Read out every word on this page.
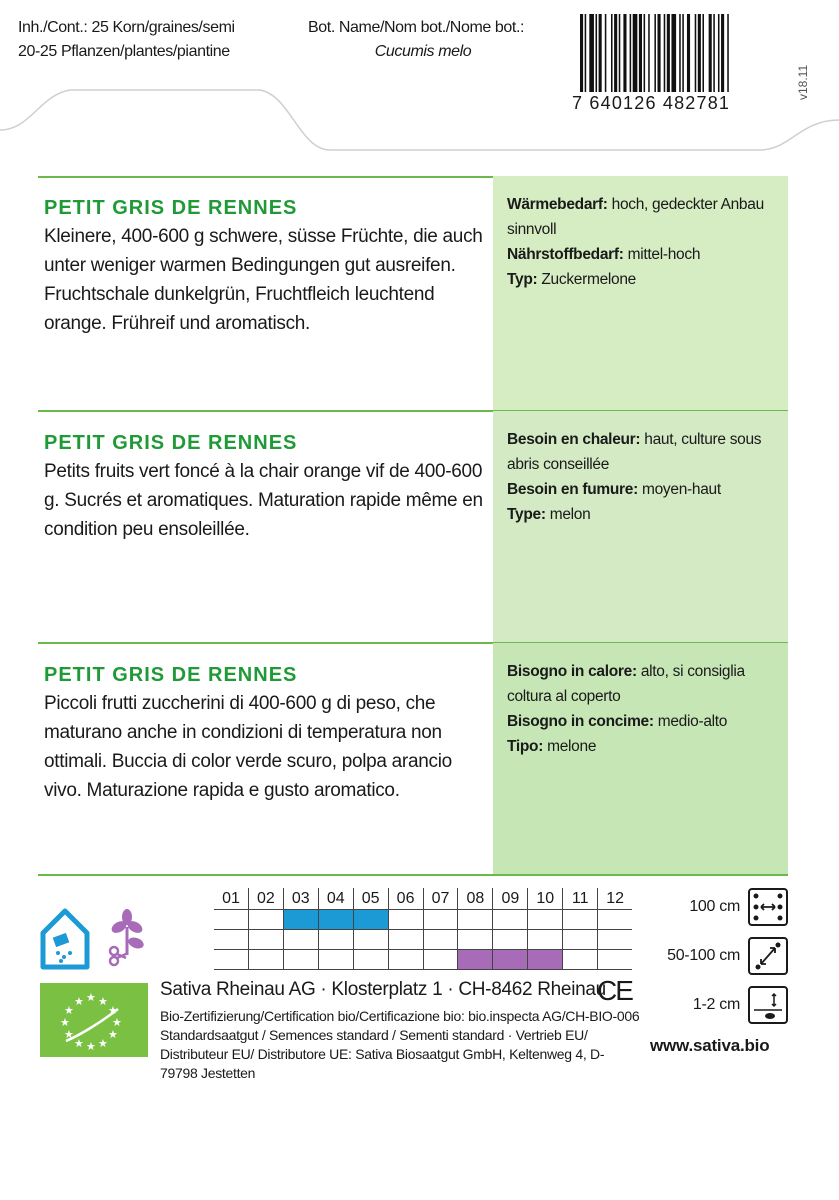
Inh./Cont.: 25 Korn/graines/semi
20-25 Pflanzen/plantes/piantine
Bot. Name/Nom bot./Nome bot.:
Cucumis melo
7 640126 482781
v18.11
PETIT GRIS DE RENNES

Kleinere, 400-600 g schwere, süsse Früchte, die auch unter weniger warmen Bedingungen gut ausreifen. Fruchtschale dunkelgrün, Fruchtfleich leuchtend orange. Frühreif und aromatisch.

Wärmebedarf: hoch, gedeckter Anbau sinnvoll
Nährstoffbedarf: mittel-hoch
Typ: Zuckermelone
PETIT GRIS DE RENNES

Petits fruits vert foncé à la chair orange vif de 400-600 g. Sucrés et aromatiques. Maturation rapide même en condition peu ensoleillée.

Besoin en chaleur: haut, culture sous abris conseillée
Besoin en fumure: moyen-haut
Type: melon
PETIT GRIS DE RENNES

Piccoli frutti zuccherini di 400-600 g di peso, che maturano anche in condizioni di temperatura non ottimali. Buccia di color verde scuro, polpa arancio vivo. Maturazione rapida e gusto aromatico.

Bisogno in calore: alto, si consiglia coltura al coperto
Bisogno in concime: medio-alto
Tipo: melone
01	02	03	04	05	06	07	08	09	10	11	12
★ ★ ★
★
★
★
★
★
★
★ ★ ★
Sativa Rheinau AG · Klosterplatz 1 · CH-8462 Rheinau
CE
Bio-Zertifizierung/Certification bio/Certificazione bio: bio.inspecta AG/CH-BIO-006
Standardsaatgut / Semences standard / Sementi standard · Vertrieb EU/ Distributeur EU/ Distributore UE: Sativa Biosaatgut GmbH, Keltenweg 4, D-79798 Jestetten
www.sativa.bio
100 cm
50-100 cm
1-2 cm
